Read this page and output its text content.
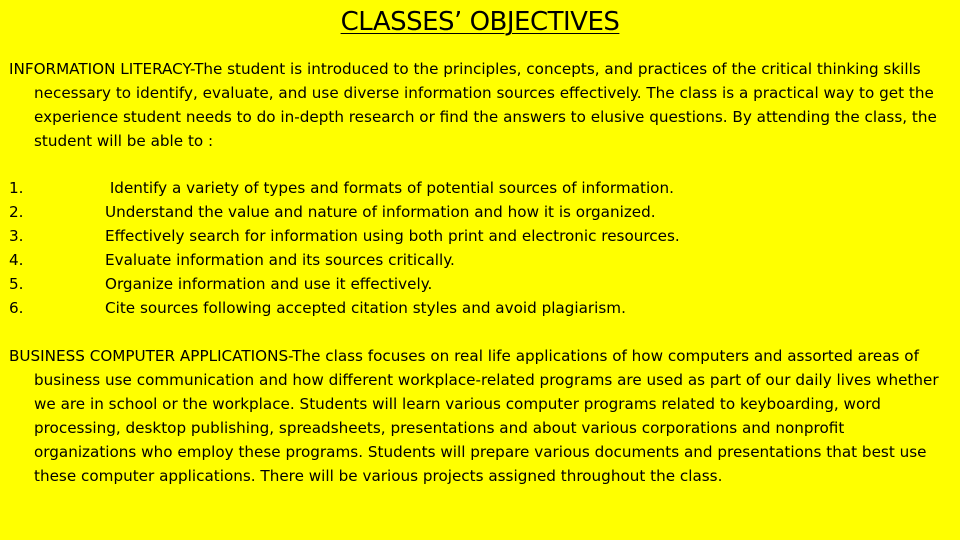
CLASSES’ OBJECTIVES

INFORMATION LITERACY-The student is introduced to the principles, concepts, and practices of the critical thinking skills necessary to identify, evaluate, and use diverse information sources effectively. The class is a practical way to get the experience student needs to do in-depth research or find the answers to elusive questions. By attending the class, the student will be able to :

1.	Identify a variety of types and formats of potential sources of information.
2.	Understand the value and nature of information and how it is organized.
3.	Effectively search for information using both print and electronic resources.
4.	Evaluate information and its sources critically.
5.	Organize information and use it effectively.
6.	Cite sources following accepted citation styles and avoid plagiarism.

BUSINESS COMPUTER APPLICATIONS-The class focuses on real life applications of how computers and assorted areas of business use communication and how different workplace-related programs are used as part of our daily lives whether we are in school or the workplace. Students will learn various computer programs related to keyboarding, word processing, desktop publishing, spreadsheets, presentations and about various corporations and nonprofit organizations who employ these programs. Students will prepare various documents and presentations that best use these computer applications. There will be various projects assigned throughout the class.
